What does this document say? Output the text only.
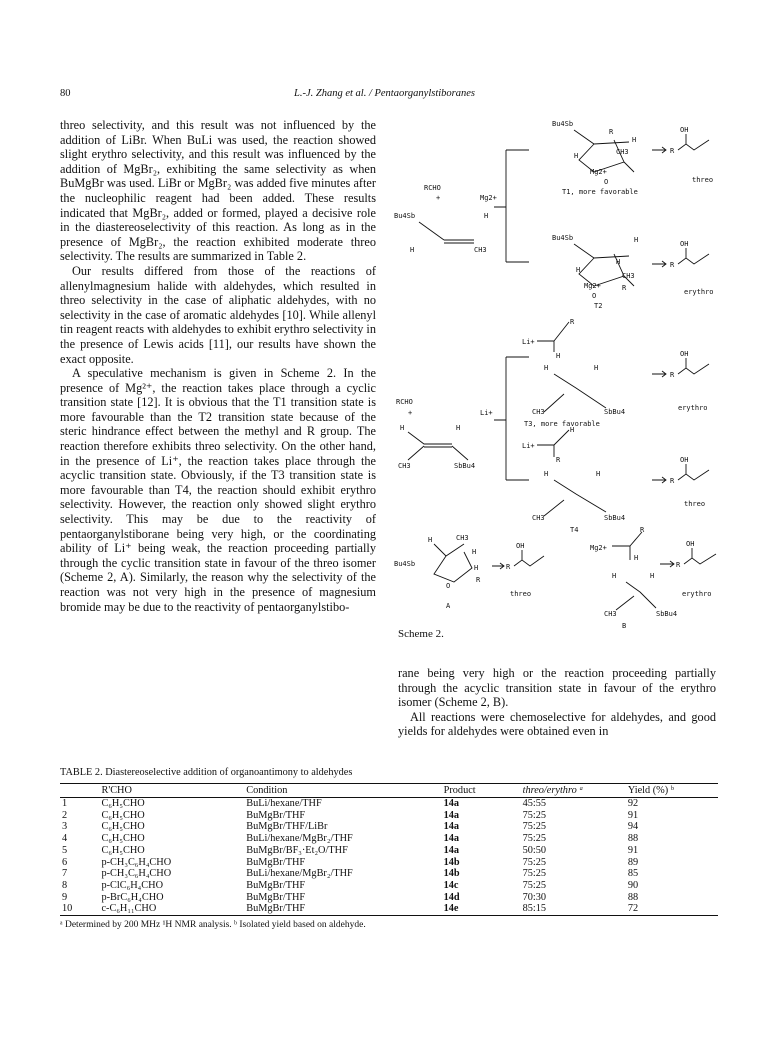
80	L.-J. Zhang et al. / Pentaorganylstiboranes

threo selectivity, and this result was not influenced by the addition of LiBr. When BuLi was used, the reaction showed slight erythro selectivity, and this result was influenced by the addition of MgBr₂, exhibiting the same selectivity as when BuMgBr was used. LiBr or MgBr₂ was added five minutes after the nucleophilic reagent had been added. These results indicated that MgBr₂, added or formed, played a decisive role in the diastereoselectivity of this reaction. As long as in the presence of MgBr₂, the reaction exhibited moderate threo selectivity. The results are summarized in Table 2.

Our results differed from those of the reactions of allenylmagnesium halide with aldehydes, which resulted in threo selectivity in the case of aliphatic aldehydes, with no selectivity in the case of aromatic aldehydes [10]. While allenyl tin reagent reacts with aldehydes to exhibit erythro selectivity in the presence of Lewis acids [11], our results have shown the exact opposite.

A speculative mechanism is given in Scheme 2. In the presence of Mg²⁺, the reaction takes place through a cyclic transition state [12]. It is obvious that the T1 transition state is more favourable than the T2 transition state because of the steric hindrance effect between the methyl and R group. The reaction therefore exhibits threo selectivity. On the other hand, in the presence of Li⁺, the reaction takes place through the acyclic transition state. Obviously, if the T3 transition state is more favourable than T4, the reaction should exhibit erythro selectivity. However, the reaction only showed slight erythro selectivity. This may be due to the reactivity of pentaorganylstiborane being very high, or the coordinating ability of Li⁺ being weak, the reaction proceeding partially through the cyclic transition state in favour of the threo isomer (Scheme 2, A). Similarly, the reason why the selectivity of the reaction was not very high in the presence of magnesium bromide may be due to the reactivity of pentaorganylstibo-

Bu4Sb
H	CH3
H
RCHO
+	Mg2+
Bu4Sb
H
R
H
CH3
Mg2+
O
T1, more favorable
R
OH
threo
Bu4Sb	H
H
H
CH3
R
Mg2+
O
T2
R
OH
erythro
RCHO
+	Li+
H
CH3	SbBu4
H
Li+
R
H
H	H
CH3	SbBu4
T3, more favorable
R
OH
erythro
Li+
H
R
H	H
CH3	SbBu4
T4
R
OH
threo
H	CH3
Bu4Sb
H
H
R
O
A
R
OH
threo
Mg2+
R
H
H	H
CH3	SbBu4
B
R
OH
erythro
Scheme 2.

rane being very high or the reaction proceeding partially through the acyclic transition state in favour of the erythro isomer (Scheme 2, B).

All reactions were chemoselective for aldehydes, and good yields for aldehydes were obtained even in

TABLE 2. Diastereoselective addition of organoantimony to aldehydes
	R'CHO	Condition	Product	threo/erythro ᵃ	Yield (%) ᵇ
1	C₆H₅CHO	BuLi/hexane/THF	14a	45:55	92
2	C₆H₅CHO	BuMgBr/THF	14a	75:25	91
3	C₆H₅CHO	BuMgBr/THF/LiBr	14a	75:25	94
4	C₆H₅CHO	BuLi/hexane/MgBr₂/THF	14a	75:25	88
5	C₆H₅CHO	BuMgBr/BF₃·Et₂O/THF	14a	50:50	91
6	p-CH₃C₆H₄CHO	BuMgBr/THF	14b	75:25	89
7	p-CH₃C₆H₄CHO	BuLi/hexane/MgBr₂/THF	14b	75:25	85
8	p-ClC₆H₄CHO	BuMgBr/THF	14c	75:25	90
9	p-BrC₆H₄CHO	BuMgBr/THF	14d	70:30	88
10	c-C₆H₁₁CHO	BuMgBr/THF	14e	85:15	72
ᵃ Determined by 200 MHz ¹H NMR analysis. ᵇ Isolated yield based on aldehyde.
